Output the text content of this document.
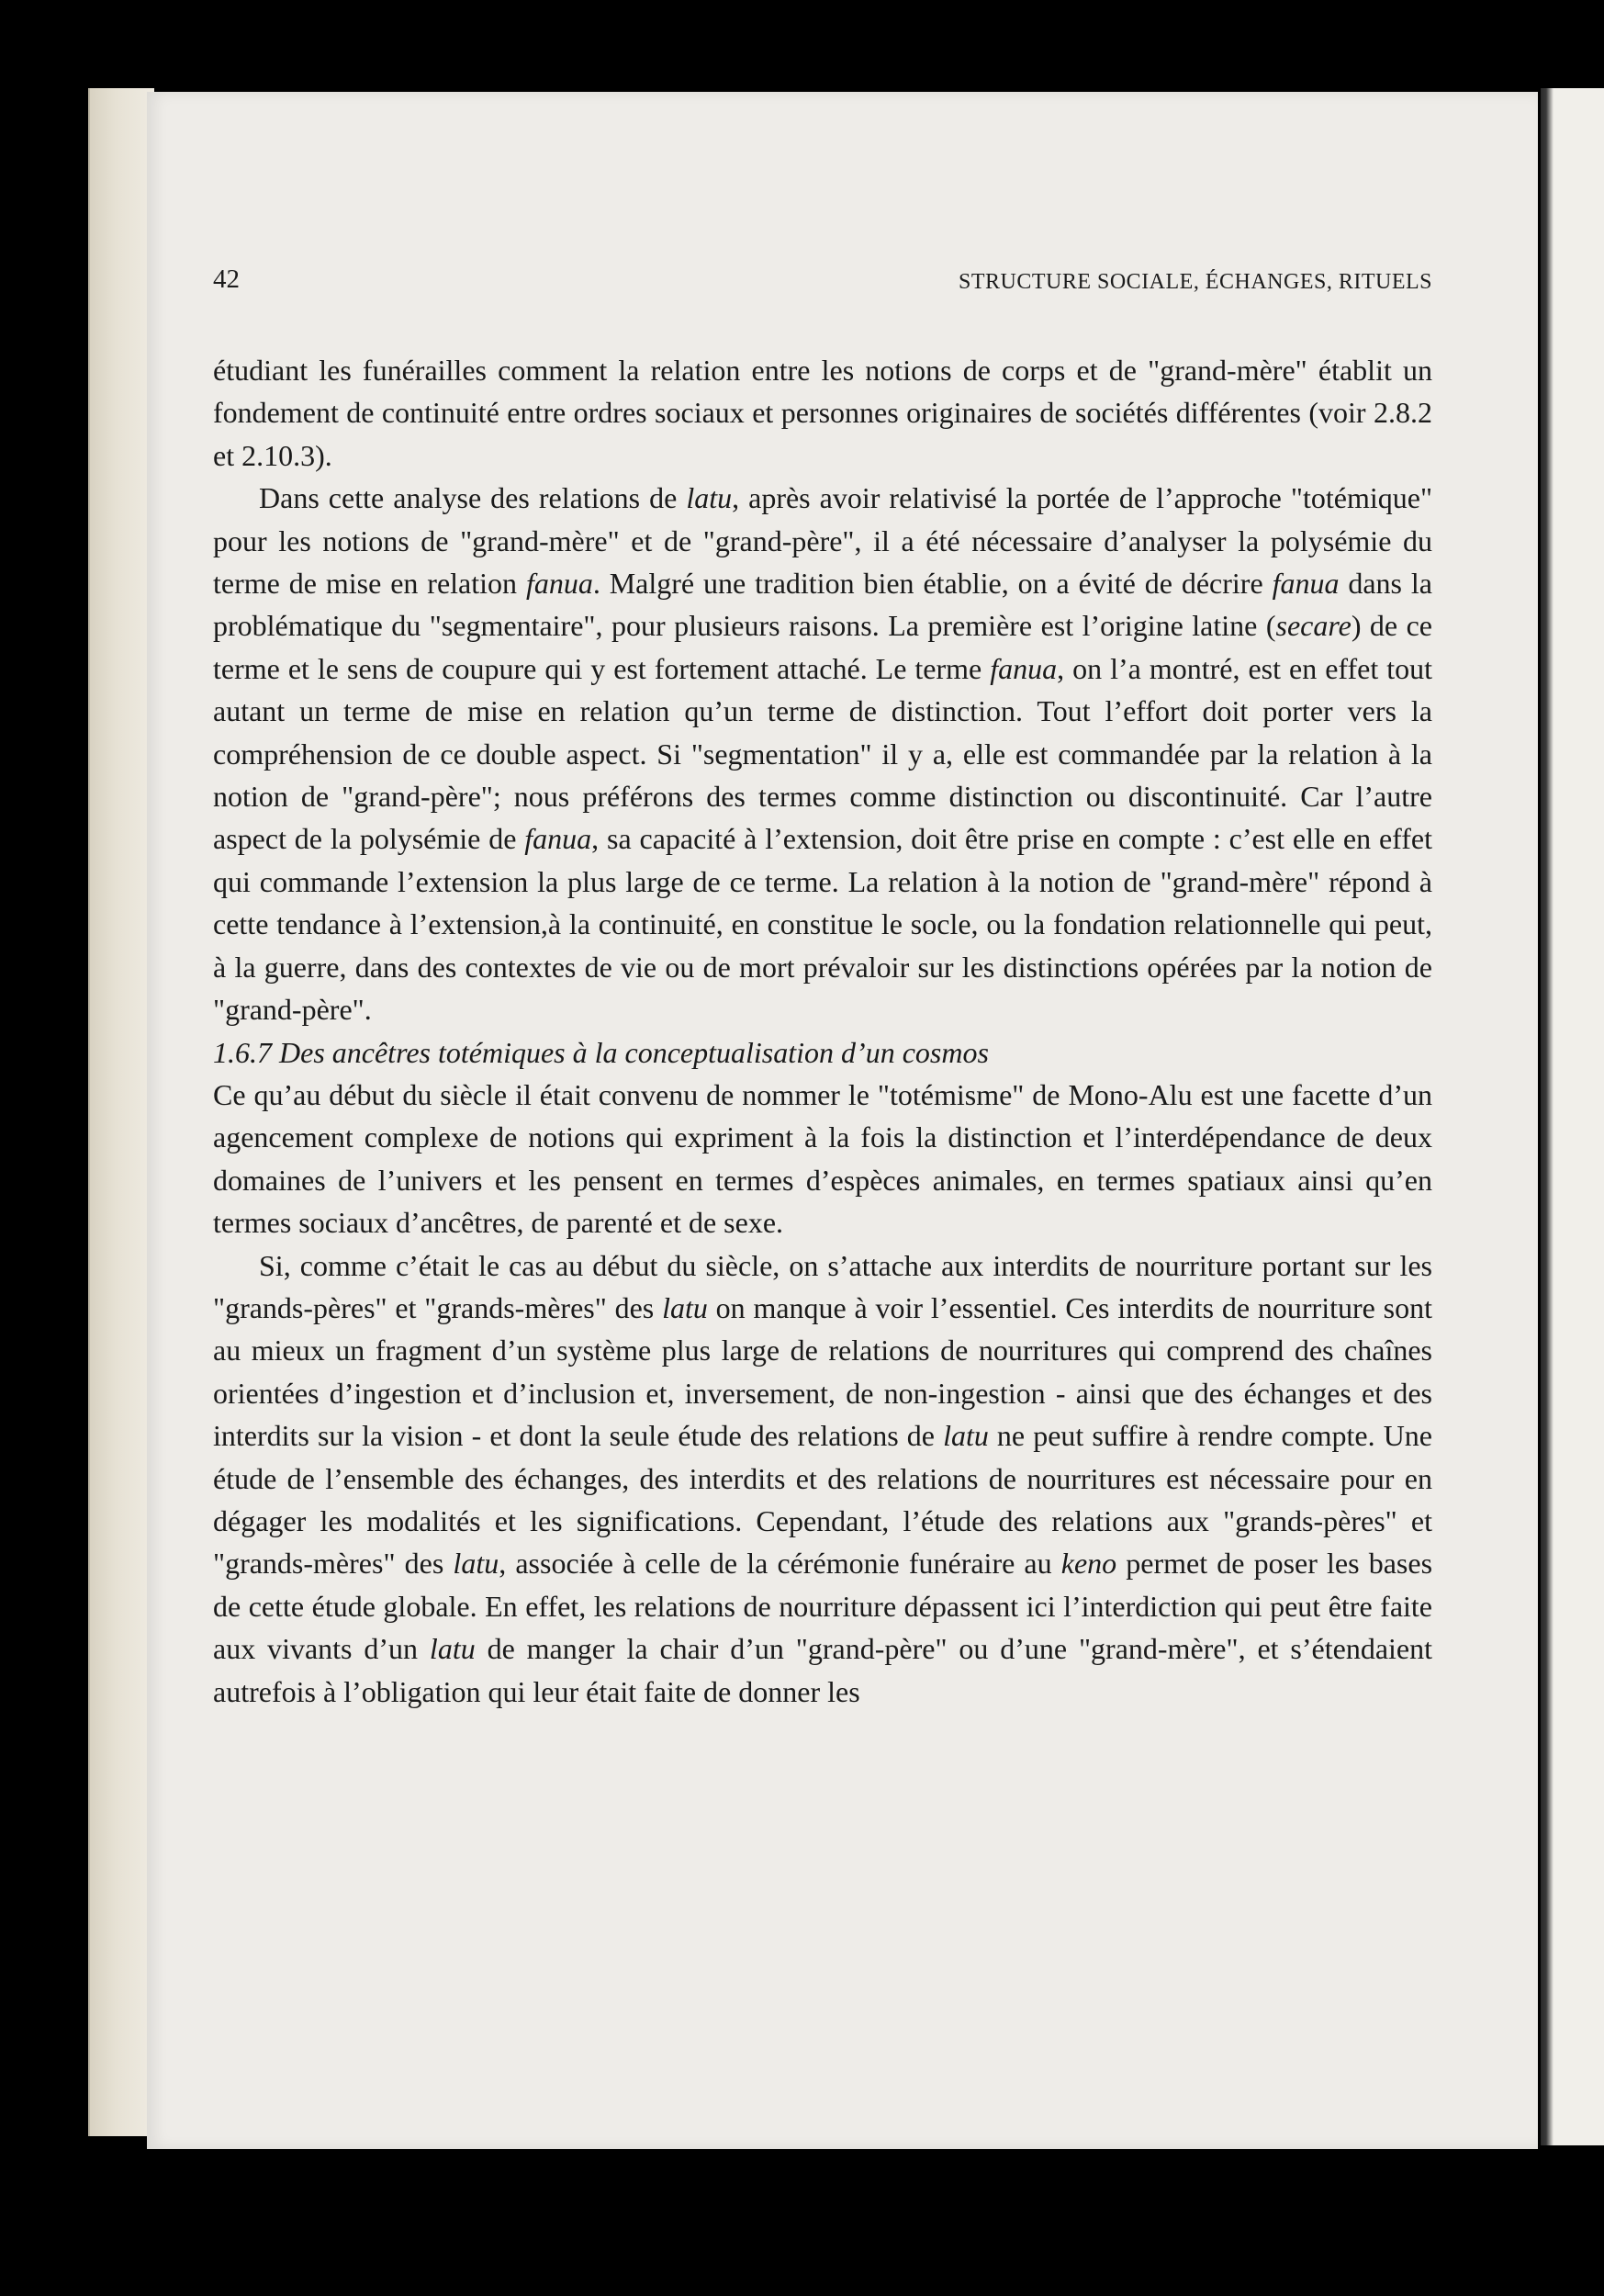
42	STRUCTURE SOCIALE, ÉCHANGES, RITUELS

étudiant les funérailles comment la relation entre les notions de corps et de "grand-mère" établit un fondement de continuité entre ordres sociaux et personnes originaires de sociétés différentes (voir 2.8.2 et 2.10.3).

Dans cette analyse des relations de latu, après avoir relativisé la portée de l’approche "totémique" pour les notions de "grand-mère" et de "grand-père", il a été nécessaire d’analyser la polysémie du terme de mise en relation fanua. Malgré une tradition bien établie, on a évité de décrire fanua dans la problématique du "segmentaire", pour plusieurs raisons. La première est l’origine latine (secare) de ce terme et le sens de coupure qui y est fortement attaché. Le terme fanua, on l’a montré, est en effet tout autant un terme de mise en relation qu’un terme de distinction. Tout l’effort doit porter vers la compréhension de ce double aspect. Si "segmentation" il y a, elle est commandée par la relation à la notion de "grand-père"; nous préférons des termes comme distinction ou discontinuité. Car l’autre aspect de la polysémie de fanua, sa capacité à l’extension, doit être prise en compte : c’est elle en effet qui commande l’extension la plus large de ce terme. La relation à la notion de "grand-mère" répond à cette tendance à l’extension,à la continuité, en constitue le socle, ou la fondation relationnelle qui peut, à la guerre, dans des contextes de vie ou de mort prévaloir sur les distinctions opérées par la notion de "grand-père".

1.6.7 Des ancêtres totémiques à la conceptualisation d’un cosmos

Ce qu’au début du siècle il était convenu de nommer le "totémisme" de Mono-Alu est une facette d’un agencement complexe de notions qui expriment à la fois la distinction et l’interdépendance de deux domaines de l’univers et les pensent en termes d’espèces animales, en termes spatiaux ainsi qu’en termes sociaux d’ancêtres, de parenté et de sexe.

Si, comme c’était le cas au début du siècle, on s’attache aux interdits de nourriture portant sur les "grands-pères" et "grands-mères" des latu on manque à voir l’essentiel. Ces interdits de nourriture sont au mieux un fragment d’un système plus large de relations de nourritures qui comprend des chaînes orientées d’ingestion et d’inclusion et, inversement, de non-ingestion - ainsi que des échanges et des interdits sur la vision - et dont la seule étude des relations de latu ne peut suffire à rendre compte. Une étude de l’ensemble des échanges, des interdits et des relations de nourritures est nécessaire pour en dégager les modalités et les significations. Cependant, l’étude des relations aux "grands-pères" et "grands-mères" des latu, associée à celle de la cérémonie funéraire au keno permet de poser les bases de cette étude globale. En effet, les relations de nourriture dépassent ici l’interdiction qui peut être faite aux vivants d’un latu de manger la chair d’un "grand-père" ou d’une "grand-mère", et s’étendaient autrefois à l’obligation qui leur était faite de donner les
